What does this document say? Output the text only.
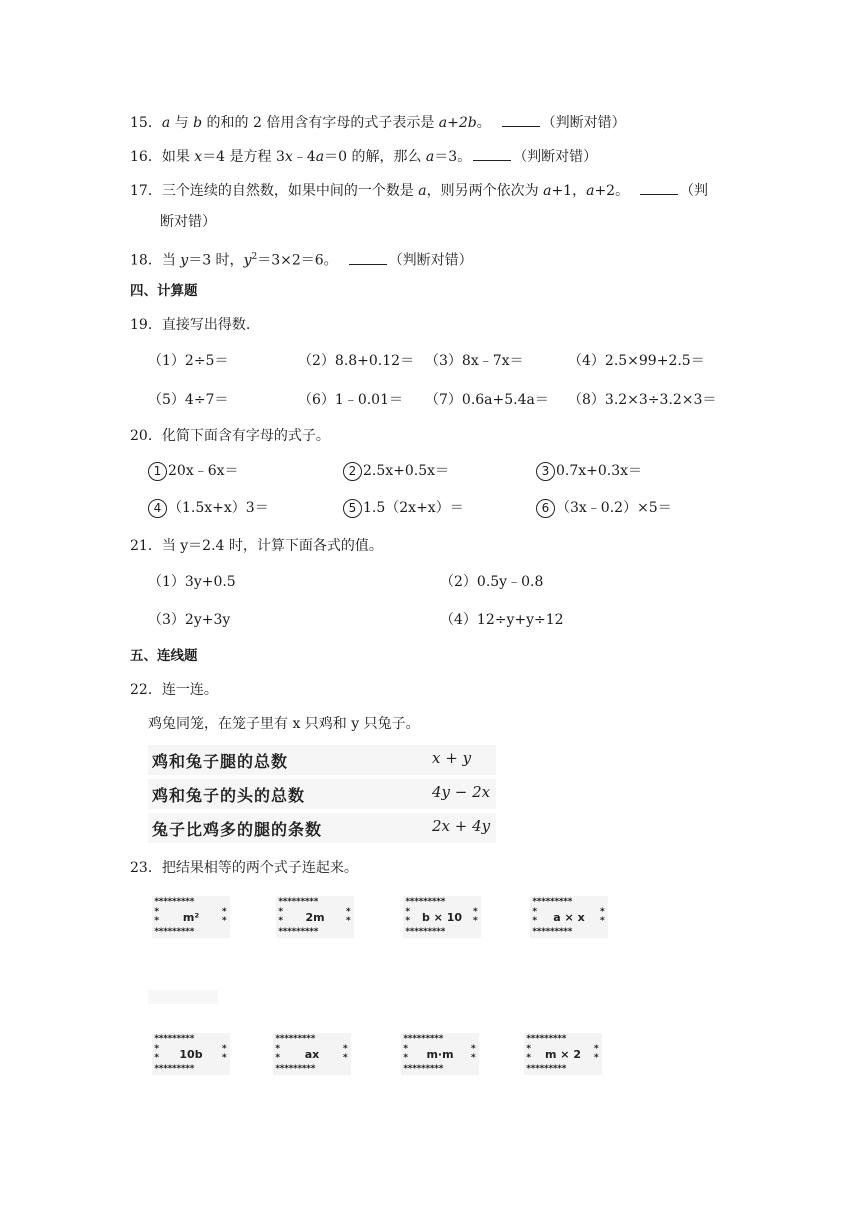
15．a 与 b 的和的 2 倍用含有字母的式子表示是 a+2b。	（判断对错）
16．如果 x＝4 是方程 3x﹣4a＝0 的解，那么 a＝3。	（判断对错）
17．三个连续的自然数，如果中间的一个数是 a，则另两个依次为 a+1，a+2。	（判
断对错）
18．当 y＝3 时，$y^2=3\times 2=6$。	（判断对错）
四、计算题
19．直接写出得数.
（1）2÷5＝	（2）8.8+0.12＝ （3）8x﹣7x＝	（4）2.5×99+2.5＝
（5）4÷7＝	（6）1﹣0.01＝ （7）0.6a+5.4a＝ （8）3.2×3÷3.2×3＝
20．化简下面含有字母的式子。
1 20x﹣6x＝	2 2.5x+0.5x＝	3 0.7x+0.3x＝
4 （1.5x+x）3＝	5 1.5（2x+x）＝	6 （3x﹣0.2）×5＝
21．当 y＝2.4 时，计算下面各式的值。
（1）3y+0.5	（2）0.5y﹣0.8
（3）2y+3y	（4）12÷y+y÷12
五、连线题
22．连一连。
鸡兔同笼，在笼子里有 x 只鸡和 y 只兔子。
鸡和兔子腿的总数	x + y
鸡和兔子的头的总数	4y − 2x
兔子比鸡多的腿的条数	2x + 4y
23．把结果相等的两个式子连起来。
*********
*
*
*
*
m²
*********
*********
*
*
*
*
2m
*********
*********
*
*
*
*
b × 10
*********
*********
*
*
*
*
a × x
*********
*********
*
*
*
*
10b
*********
*********
*
*
*
*
ax
*********
*********
*
*
*
*
m·m
*********
*********
*
*
*
*
m × 2
*********
